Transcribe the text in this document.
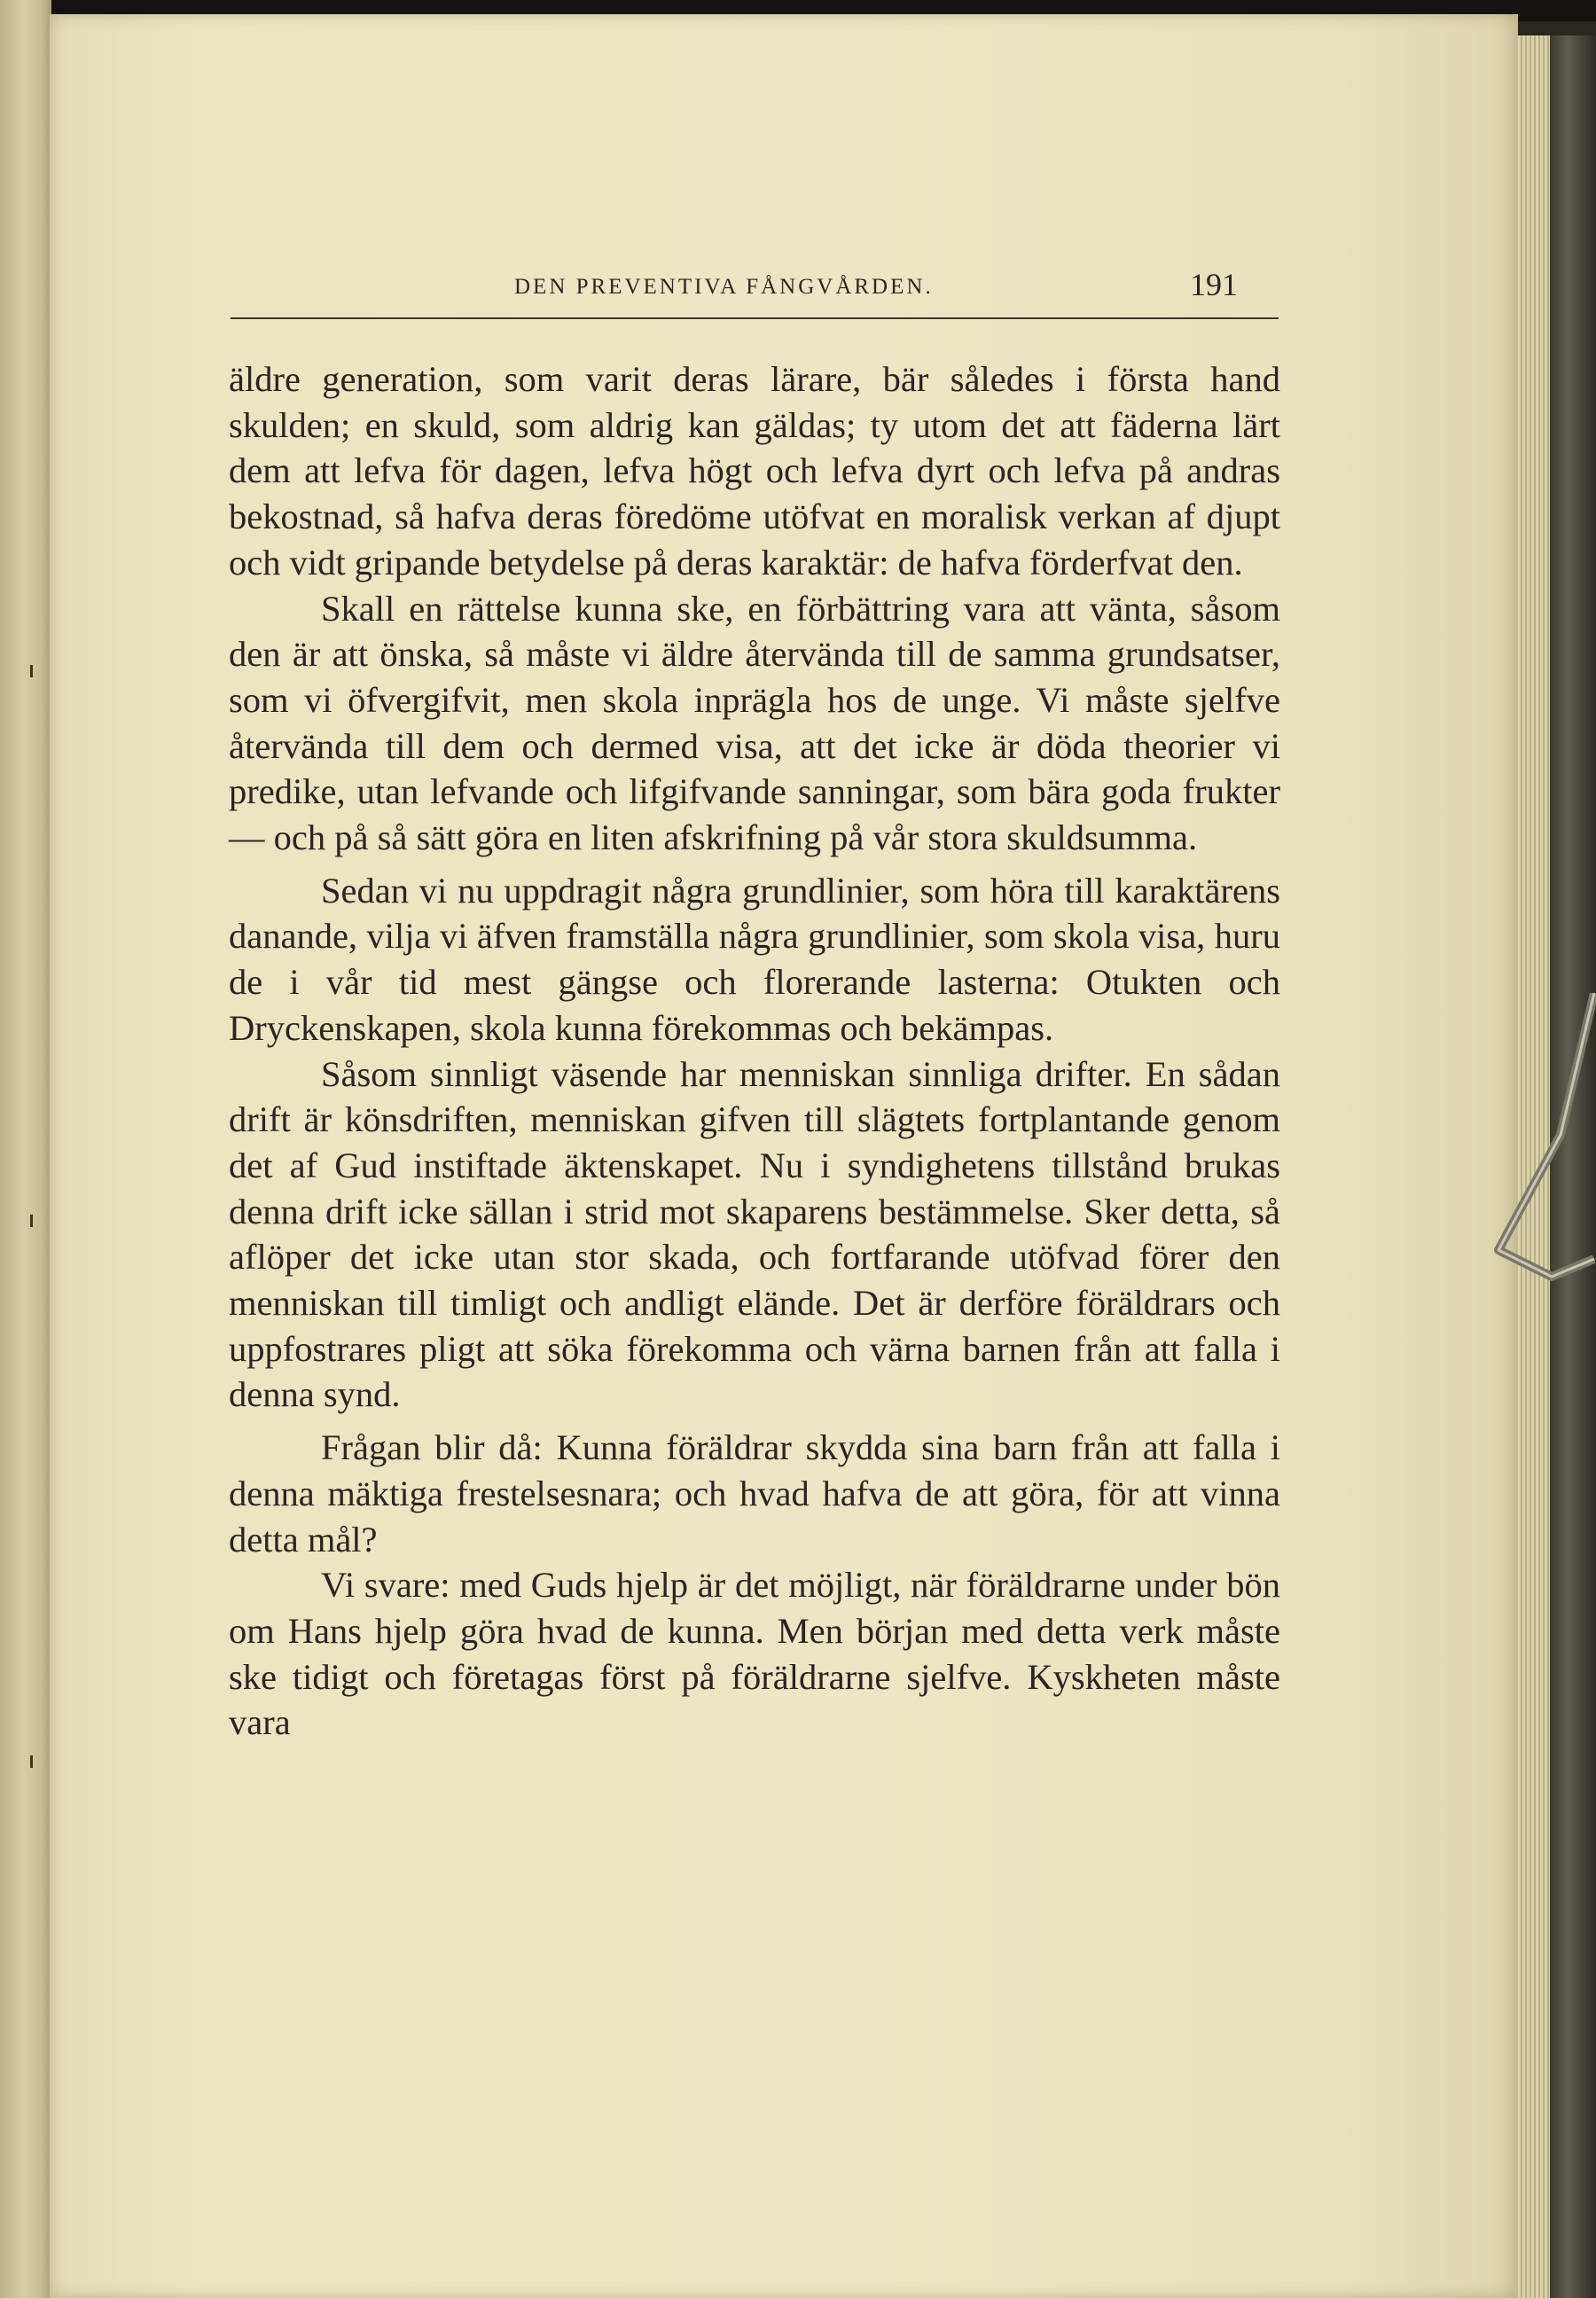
DEN PREVENTIVA FÅNGVÅRDEN.	191

äldre generation, som varit deras lärare, bär således i första hand skulden; en skuld, som aldrig kan gäldas; ty utom det att fäderna lärt dem att lefva för dagen, lefva högt och lefva dyrt och lefva på andras bekostnad, så hafva deras föredöme utöfvat en moralisk verkan af djupt och vidt gripande betydelse på deras karaktär: de hafva förderfvat den.

Skall en rättelse kunna ske, en förbättring vara att vänta, såsom den är att önska, så måste vi äldre återvända till de samma grundsatser, som vi öfvergifvit, men skola inprägla hos de unge. Vi måste sjelfve återvända till dem och dermed visa, att det icke är döda theorier vi predike, utan lefvande och lifgifvande sanningar, som bära goda frukter — och på så sätt göra en liten afskrifning på vår stora skuldsumma.

Sedan vi nu uppdragit några grundlinier, som höra till karaktärens danande, vilja vi äfven framställa några grundlinier, som skola visa, huru de i vår tid mest gängse och florerande lasterna: Otukten och Dryckenskapen, skola kunna förekommas och bekämpas.

Såsom sinnligt väsende har menniskan sinnliga drifter. En sådan drift är könsdriften, menniskan gifven till slägtets fortplantande genom det af Gud instiftade äktenskapet. Nu i syndighetens tillstånd brukas denna drift icke sällan i strid mot skaparens bestämmelse. Sker detta, så aflöper det icke utan stor skada, och fortfarande utöfvad förer den menniskan till timligt och andligt elände. Det är derföre föräldrars och uppfostrares pligt att söka förekomma och värna barnen från att falla i denna synd.

Frågan blir då: Kunna föräldrar skydda sina barn från att falla i denna mäktiga frestelsesnara; och hvad hafva de att göra, för att vinna detta mål?

Vi svare: med Guds hjelp är det möjligt, när föräldrarne under bön om Hans hjelp göra hvad de kunna. Men början med detta verk måste ske tidigt och företagas först på föräldrarne sjelfve. Kyskheten måste vara
